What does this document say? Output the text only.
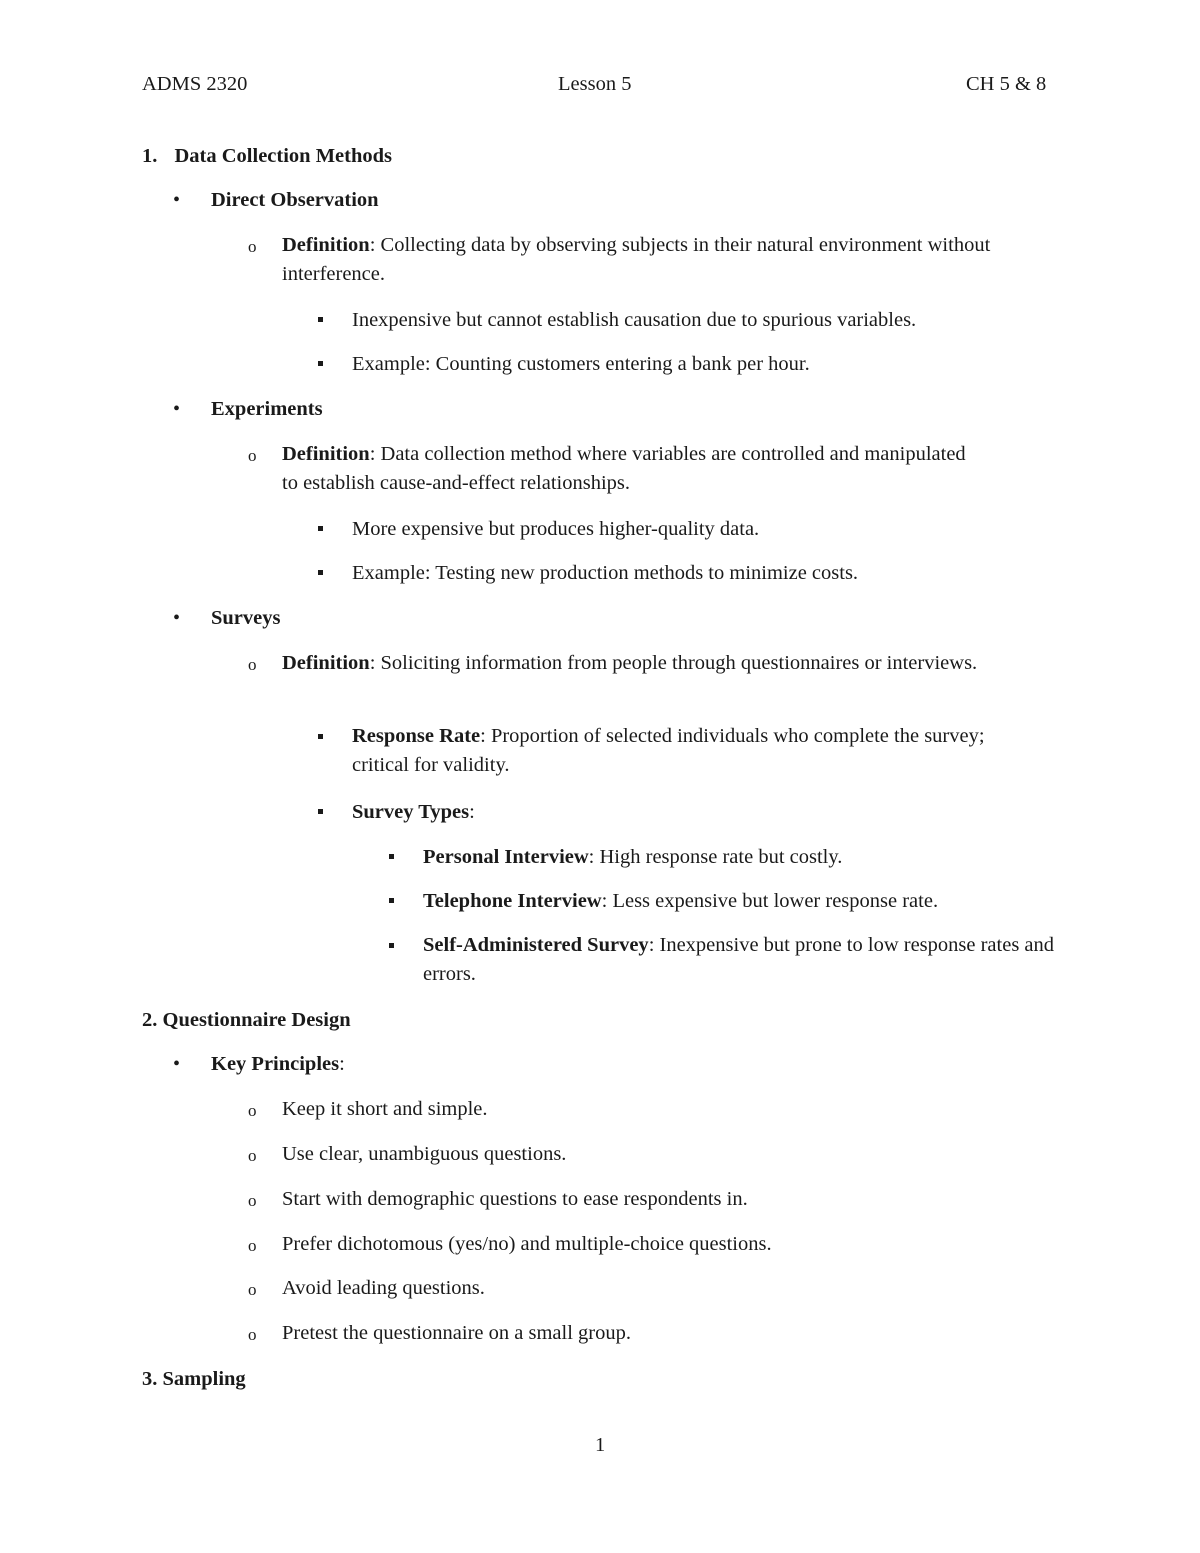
ADMS 2320	Lesson 5	CH 5 & 8
1. Data Collection Methods
• Direct Observation
o Definition: Collecting data by observing subjects in their natural environment without interference.
Inexpensive but cannot establish causation due to spurious variables.
Example: Counting customers entering a bank per hour.
• Experiments
o Definition: Data collection method where variables are controlled and manipulated to establish cause-and-effect relationships.
More expensive but produces higher-quality data.
Example: Testing new production methods to minimize costs.
• Surveys
o Definition: Soliciting information from people through questionnaires or interviews.
Response Rate: Proportion of selected individuals who complete the survey; critical for validity.
Survey Types:
Personal Interview: High response rate but costly.
Telephone Interview: Less expensive but lower response rate.
Self-Administered Survey: Inexpensive but prone to low response rates and errors.
2. Questionnaire Design
• Key Principles:
o Keep it short and simple.
o Use clear, unambiguous questions.
o Start with demographic questions to ease respondents in.
o Prefer dichotomous (yes/no) and multiple-choice questions.
o Avoid leading questions.
o Pretest the questionnaire on a small group.
3. Sampling
1
